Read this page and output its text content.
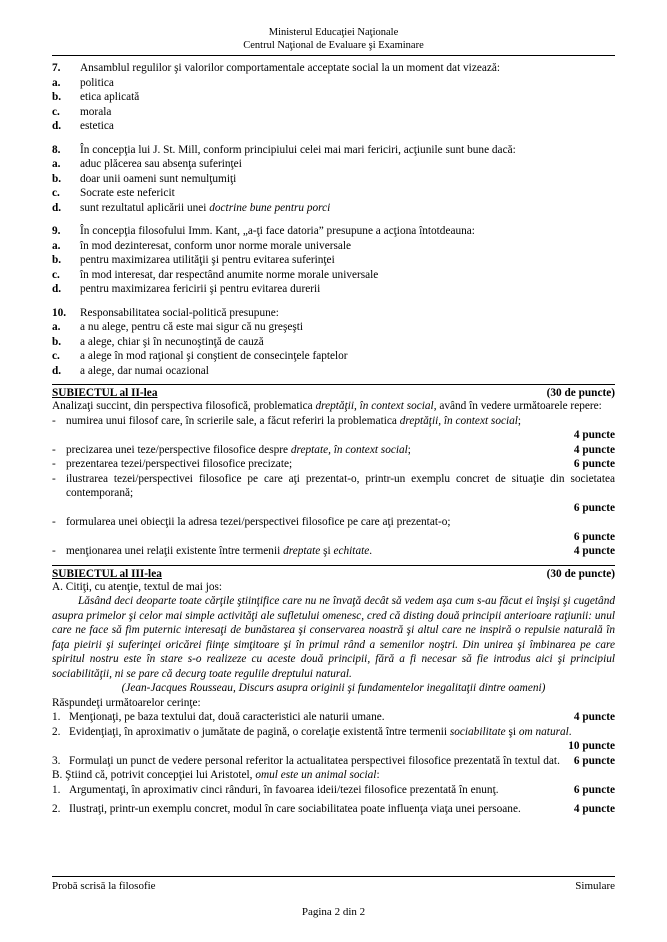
Ministerul Educaţiei Naţionale
Centrul Naţional de Evaluare şi Examinare
7.	Ansamblul regulilor şi valorilor comportamentale acceptate social la un moment dat vizează:
a.	politica
b.	etica aplicată
c.	morala
d.	estetica
8.	În concepţia lui J. St. Mill, conform principiului celei mai mari fericiri, acţiunile sunt bune dacă:
a.	aduc plăcerea sau absenţa suferinţei
b.	doar unii oameni sunt nemulţumiţi
c.	Socrate este nefericit
d.	sunt rezultatul aplicării unei doctrine bune pentru porci
9.	În concepţia filosofului Imm. Kant, „a-ţi face datoria” presupune a acţiona întotdeauna:
a.	în mod dezinteresat, conform unor norme morale universale
b.	pentru maximizarea utilităţii şi pentru evitarea suferinţei
c.	în mod interesat, dar respectând anumite norme morale universale
d.	pentru maximizarea fericirii şi pentru evitarea durerii
10.	Responsabilitatea social-politică presupune:
a.	a nu alege, pentru că este mai sigur că nu greşeşti
b.	a alege, chiar şi în necunoştinţă de cauză
c.	a alege în mod raţional şi conştient de consecinţele faptelor
d.	a alege, dar numai ocazional
SUBIECTUL al II-lea	(30 de puncte)
Analizaţi succint, din perspectiva filosofică, problematica dreptăţii, în context social, având în vedere următoarele repere:
- numirea unui filosof care, în scrierile sale, a făcut referiri la problematica dreptăţii, în context social;
4 puncte
- precizarea unei teze/perspective filosofice despre dreptate, în context social;	4 puncte
- prezentarea tezei/perspectivei filosofice precizate;	6 puncte
- ilustrarea tezei/perspectivei filosofice pe care aţi prezentat-o, printr-un exemplu concret de situaţie din societatea contemporană;
6 puncte
- formularea unei obiecţii la adresa tezei/perspectivei filosofice pe care aţi prezentat-o;
6 puncte
- menţionarea unei relaţii existente între termenii dreptate şi echitate.	4 puncte
SUBIECTUL al III-lea	(30 de puncte)
A. Citiţi, cu atenţie, textul de mai jos:
Lăsând deci deoparte toate cărţile ştiinţifice care nu ne învaţă decât să vedem aşa cum s-au făcut ei înşişi şi cugetând asupra primelor şi celor mai simple activităţi ale sufletului omenesc, cred că disting două principii anterioare raţiunii: unul care ne face să fim puternic interesaţi de bunăstarea şi conservarea noastră şi altul care ne inspiră o repulsie naturală în faţa pieirii şi suferinţei oricărei fiinţe simţitoare şi în primul rând a semenilor noştri. Din unirea şi îmbinarea pe care spiritul nostru este în stare s-o realizeze cu aceste două principii, fără a fi necesar să fie introdus aici şi principiul sociabilităţii, ni se pare că decurg toate regulile dreptului natural.
(Jean-Jacques Rousseau, Discurs asupra originii şi fundamentelor inegalitaţii dintre oameni)
Răspundeţi următoarelor cerinţe:
1. Menţionaţi, pe baza textului dat, două caracteristici ale naturii umane.	4 puncte
2. Evidenţiaţi, în aproximativ o jumătate de pagină, o corelaţie existentă între termenii sociabilitate şi om natural.
10 puncte
3. Formulaţi un punct de vedere personal referitor la actualitatea perspectivei filosofice prezentată în textul dat. 6 puncte
B. Ştiind că, potrivit concepţiei lui Aristotel, omul este un animal social:
1. Argumentaţi, în aproximativ cinci rânduri, în favoarea ideii/tezei filosofice prezentată în enunţ.	6 puncte
2. Ilustraţi, printr-un exemplu concret, modul în care sociabilitatea poate influenţa viaţa unei persoane.	4 puncte
Probă scrisă la filosofie	Simulare
Pagina 2 din 2
